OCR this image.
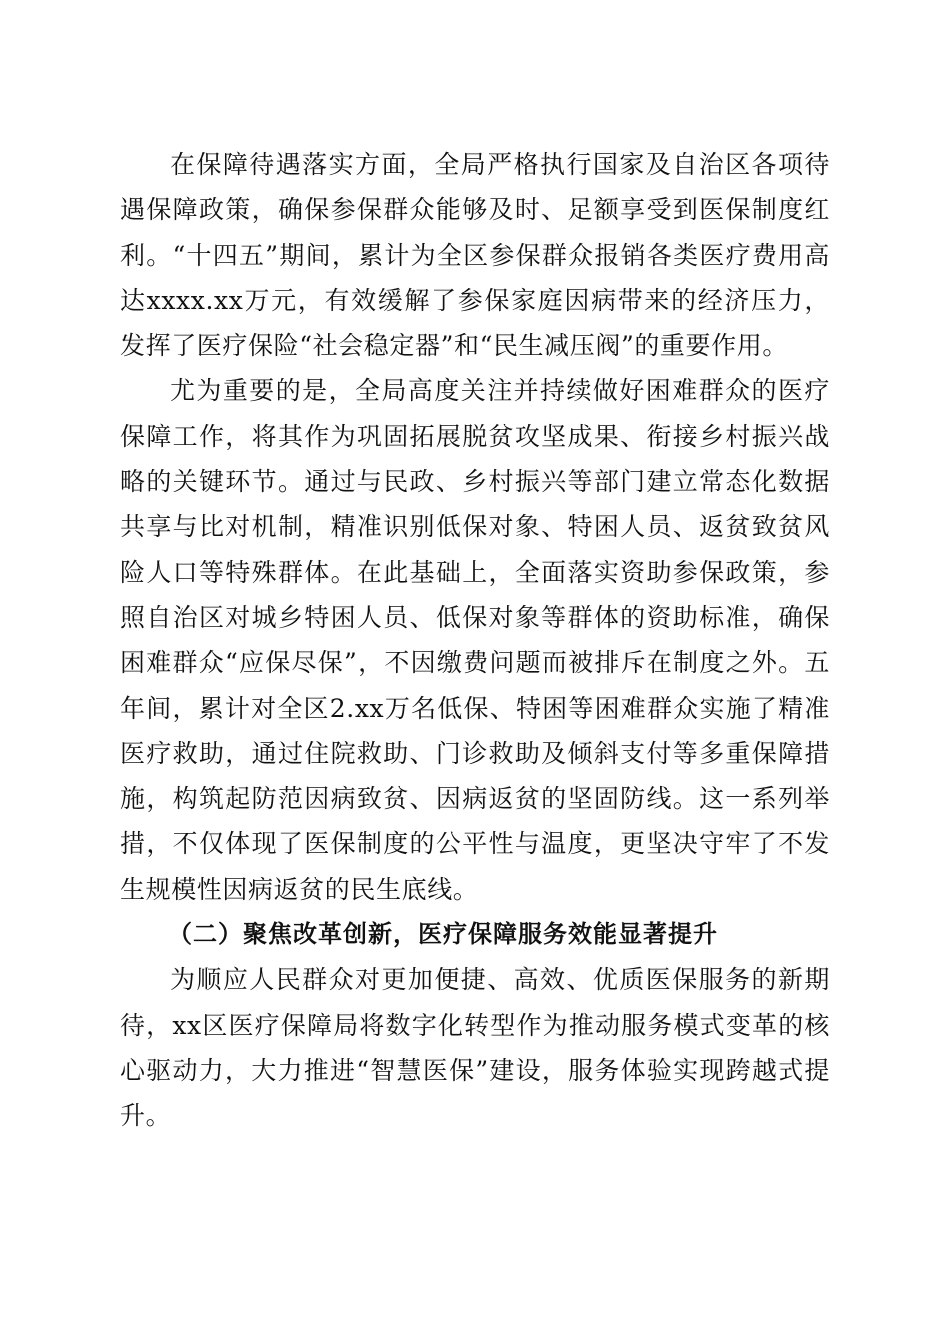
在保障待遇落实方面，全局严格执行国家及自治区各项待遇保障政策，确保参保群众能够及时、足额享受到医保制度红利。“十四五”期间，累计为全区参保群众报销各类医疗费用高达xxxx.xx万元，有效缓解了参保家庭因病带来的经济压力，发挥了医疗保险“社会稳定器”和“民生减压阀”的重要作用。

尤为重要的是，全局高度关注并持续做好困难群众的医疗保障工作，将其作为巩固拓展脱贫攻坚成果、衔接乡村振兴战略的关键环节。通过与民政、乡村振兴等部门建立常态化数据共享与比对机制，精准识别低保对象、特困人员、返贫致贫风险人口等特殊群体。在此基础上，全面落实资助参保政策，参照自治区对城乡特困人员、低保对象等群体的资助标准，确保困难群众“应保尽保”，不因缴费问题而被排斥在制度之外。五年间，累计对全区2.xx万名低保、特困等困难群众实施了精准医疗救助，通过住院救助、门诊救助及倾斜支付等多重保障措施，构筑起防范因病致贫、因病返贫的坚固防线。这一系列举措，不仅体现了医保制度的公平性与温度，更坚决守牢了不发生规模性因病返贫的民生底线。

（二）聚焦改革创新，医疗保障服务效能显著提升

为顺应人民群众对更加便捷、高效、优质医保服务的新期待，xx区医疗保障局将数字化转型作为推动服务模式变革的核心驱动力，大力推进“智慧医保”建设，服务体验实现跨越式提升。
